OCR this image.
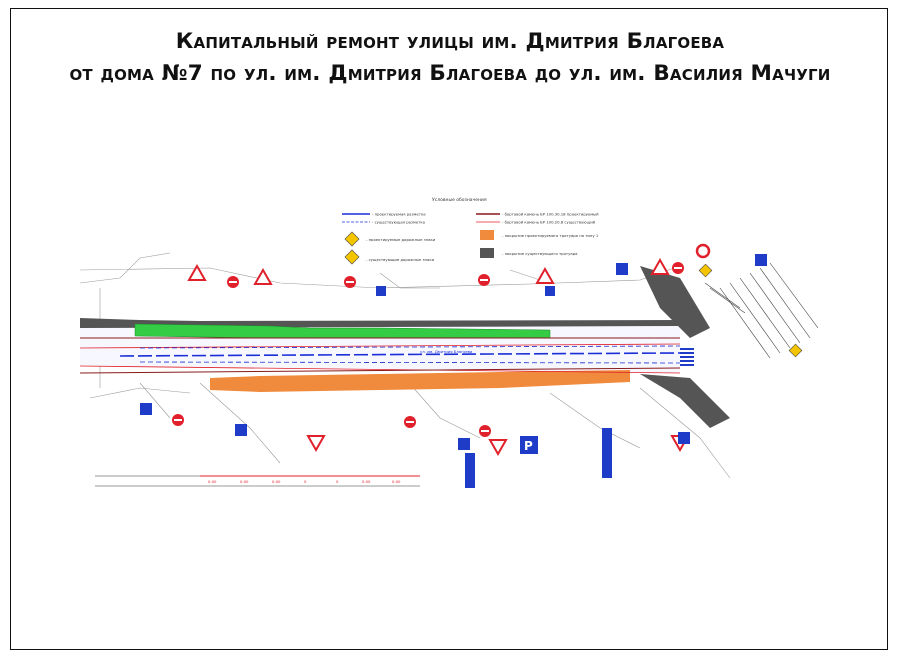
Капитальный ремонт улицы им. Дмитрия Благоева
от дома №7 по ул. им. Дмитрия Благоева до ул. им. Василия Мачуги
Условные обозначения
- проектируемая разметка
- существующая разметка
- проектируемые дорожные знаки
- существующие дорожные знаки
- бортовой камень БР 100.30.18 проектируемый
- бортовой камень БР 100.20.8 существующий
- покрытие проектируемого тротуара по типу 1
- покрытие существующего тротуара
ул. им. Дмитрия Благоева
P
0.00	0.00	0.00	0	0	0.00	0.00
